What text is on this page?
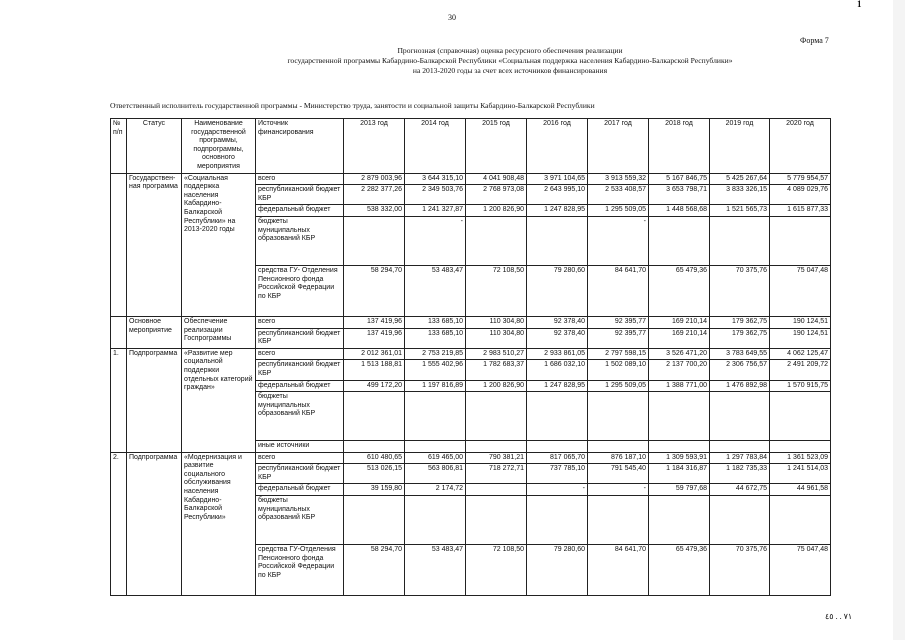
1
30
Форма 7
Прогнозная (справочная) оценка ресурсного обеспечения реализации
государственной программы Кабардино-Балкарской Республики «Социальная поддержка населения Кабардино-Балкарской Республики»
на 2013-2020 годы за счет всех источников финансирования
Ответственный исполнитель государственной программы - Министерство труда, занятости и социальной защиты Кабардино-Балкарской Республики
№ п/п	Статус	Наименование государственной программы, подпрограммы, основного мероприятия	Источник финансирования	2013 год	2014 год	2015 год	2016 год	2017 год	2018 год	2019 год	2020 год
	Государствен-ная программа	«Социальная поддержка населения Кабардино-Балкарской Республики» на 2013-2020 годы	всего	2 879 003,96	3 644 315,10	4 041 908,48	3 971 104,65	3 913 559,32	5 167 846,75	5 425 267,64	5 779 954,57
			республиканский бюджет КБР	2 282 377,26	2 349 503,76	2 768 973,08	2 643 995,10	2 533 408,57	3 653 798,71	3 833 326,15	4 089 029,76
			федеральный бюджет	538 332,00	1 241 327,87	1 200 826,90	1 247 828,95	1 295 509,05	1 448 568,68	1 521 565,73	1 615 877,33
			бюджеты муниципальных образований КБР		-			-			
			средства ГУ- Отделения Пенсионного фонда Российской Федерации по КБР	58 294,70	53 483,47	72 108,50	79 280,60	84 641,70	65 479,36	70 375,76	75 047,48
	Основное мероприятие	Обеспечение реализации Госпрограммы	всего	137 419,96	133 685,10	110 304,80	92 378,40	92 395,77	169 210,14	179 362,75	190 124,51
			республиканский бюджет КБР	137 419,96	133 685,10	110 304,80	92 378,40	92 395,77	169 210,14	179 362,75	190 124,51
1.	Подпрограмма	«Развитие мер социальной поддержки отдельных категорий граждан»	всего	2 012 361,01	2 753 219,85	2 983 510,27	2 933 861,05	2 797 598,15	3 526 471,20	3 783 649,55	4 062 125,47
			республиканский бюджет КБР	1 513 188,81	1 555 402,96	1 782 683,37	1 686 032,10	1 502 089,10	2 137 700,20	2 306 756,57	2 491 209,72
			федеральный бюджет	499 172,20	1 197 816,89	1 200 826,90	1 247 828,95	1 295 509,05	1 388 771,00	1 476 892,98	1 570 915,75
			бюджеты муниципальных образований КБР								
			иные источники								
2.	Подпрограмма	«Модернизация и развитие социального обслуживания населения Кабардино-Балкарской Республики»	всего	610 480,65	619 465,00	790 381,21	817 065,70	876 187,10	1 309 593,91	1 297 783,84	1 361 523,09
			республиканский бюджет КБР	513 026,15	563 806,81	718 272,71	737 785,10	791 545,40	1 184 316,87	1 182 735,33	1 241 514,03
			федеральный бюджет	39 159,80	2 174,72		-	-	59 797,68	44 672,75	44 961,58
			бюджеты муниципальных образований КБР								
			средства ГУ-Отделения Пенсионного фонда Российской Федерации по КБР	58 294,70	53 483,47	72 108,50	79 280,60	84 641,70	65 479,36	70 375,76	75 047,48
٧١ . . ٤٥
